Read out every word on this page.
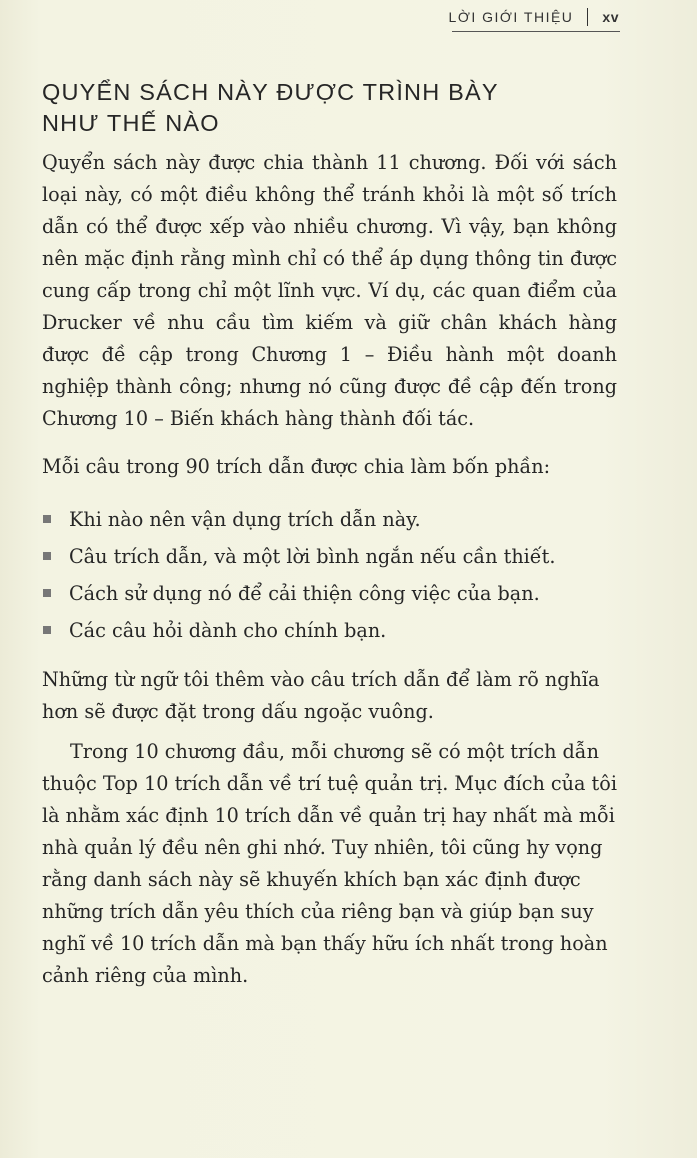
LỜI GIỚI THIỆU xv
QUYỂN SÁCH NÀY ĐƯỢC TRÌNH BÀY
NHƯ THẾ NÀO

Quyển sách này được chia thành 11 chương. Đối với sách loại này, có một điều không thể tránh khỏi là một số trích dẫn có thể được xếp vào nhiều chương. Vì vậy, bạn không nên mặc định rằng mình chỉ có thể áp dụng thông tin được cung cấp trong chỉ một lĩnh vực. Ví dụ, các quan điểm của Drucker về nhu cầu tìm kiếm và giữ chân khách hàng được đề cập trong Chương 1 – Điều hành một doanh nghiệp thành công; nhưng nó cũng được đề cập đến trong Chương 10 – Biến khách hàng thành đối tác.

Mỗi câu trong 90 trích dẫn được chia làm bốn phần:

Khi nào nên vận dụng trích dẫn này.
Câu trích dẫn, và một lời bình ngắn nếu cần thiết.
Cách sử dụng nó để cải thiện công việc của bạn.
Các câu hỏi dành cho chính bạn.

Những từ ngữ tôi thêm vào câu trích dẫn để làm rõ nghĩa hơn sẽ được đặt trong dấu ngoặc vuông.

Trong 10 chương đầu, mỗi chương sẽ có một trích dẫn thuộc Top 10 trích dẫn về trí tuệ quản trị. Mục đích của tôi là nhằm xác định 10 trích dẫn về quản trị hay nhất mà mỗi nhà quản lý đều nên ghi nhớ. Tuy nhiên, tôi cũng hy vọng rằng danh sách này sẽ khuyến khích bạn xác định được những trích dẫn yêu thích của riêng bạn và giúp bạn suy nghĩ về 10 trích dẫn mà bạn thấy hữu ích nhất trong hoàn cảnh riêng của mình.
